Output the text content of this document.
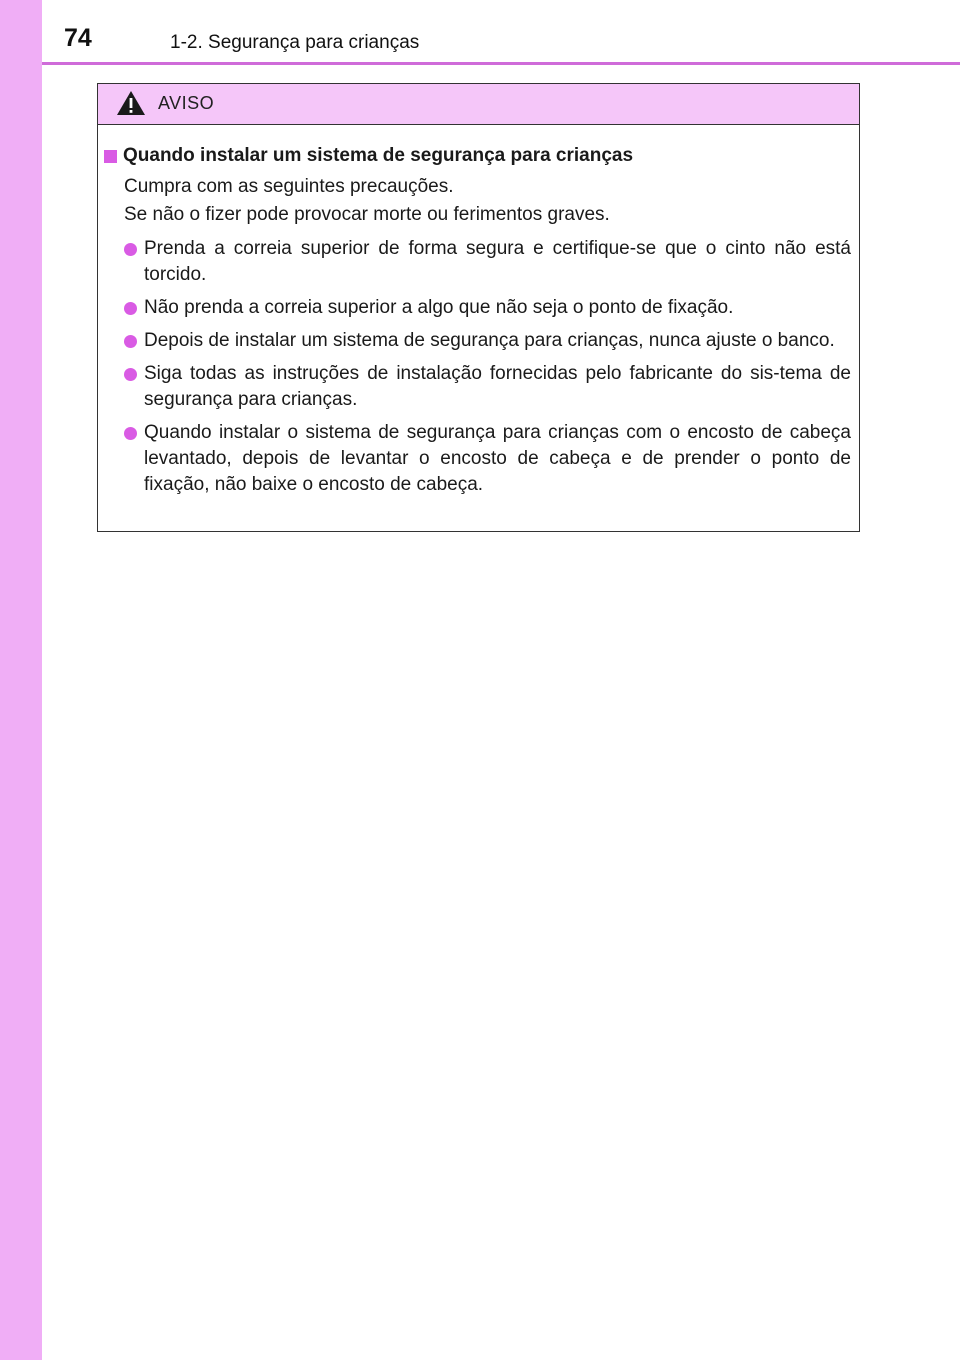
74	1-2. Segurança para crianças
AVISO
Quando instalar um sistema de segurança para crianças
Cumpra com as seguintes precauções.
Se não o fizer pode provocar morte ou ferimentos graves.
Prenda a correia superior de forma segura e certifique-se que o cinto não está torcido.
Não prenda a correia superior a algo que não seja o ponto de fixação.
Depois de instalar um sistema de segurança para crianças, nunca ajuste o banco.
Siga todas as instruções de instalação fornecidas pelo fabricante do sis-tema de segurança para crianças.
Quando instalar o sistema de segurança para crianças com o encosto de cabeça levantado, depois de levantar o encosto de cabeça e de prender o ponto de fixação, não baixe o encosto de cabeça.
